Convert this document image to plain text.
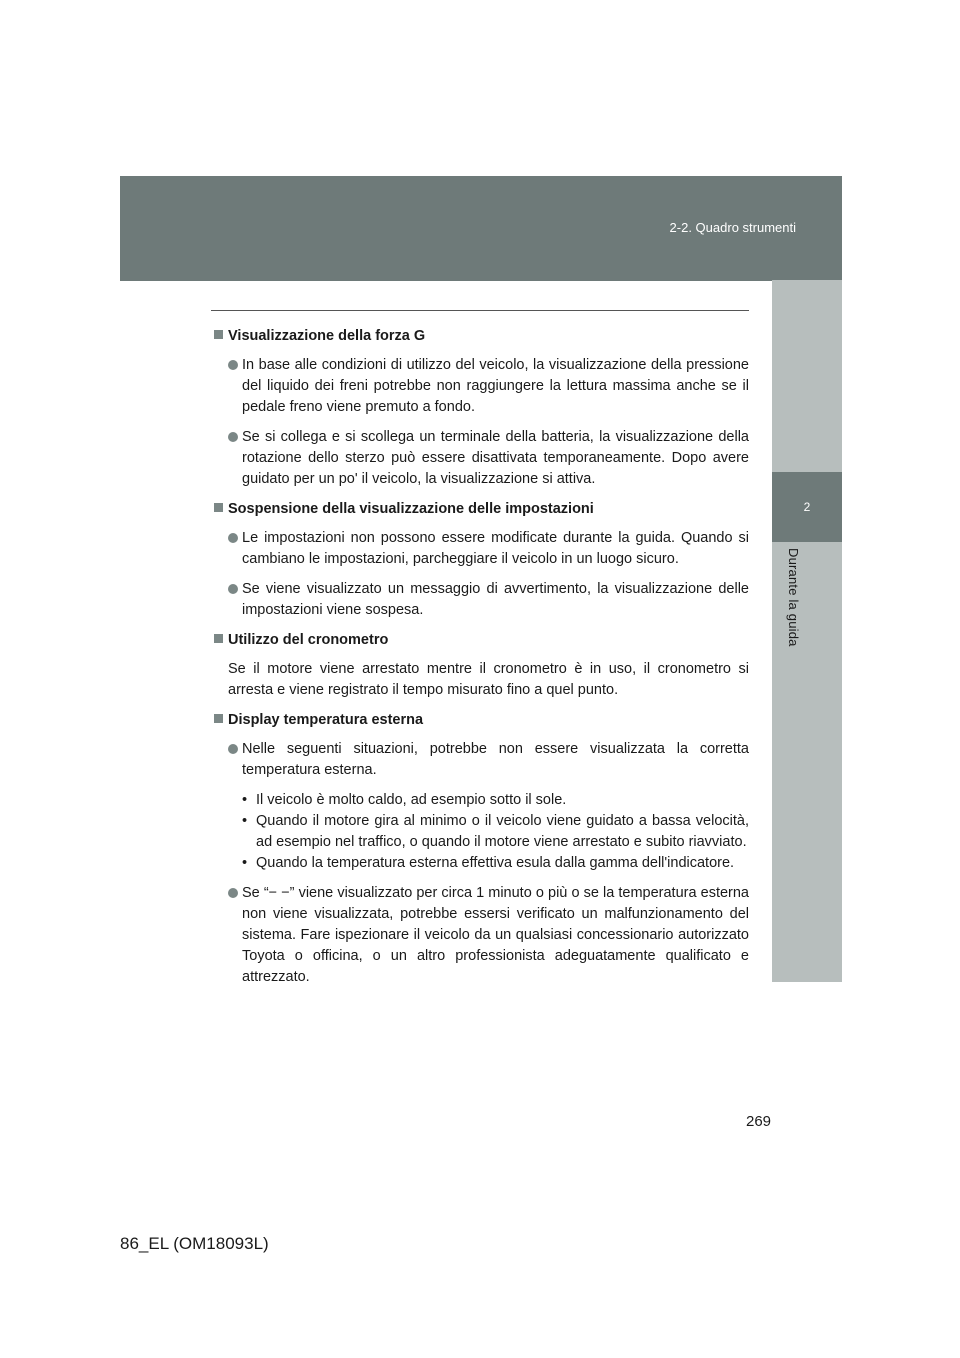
2-2. Quadro strumenti
2
Durante la guida
Visualizzazione della forza G
In base alle condizioni di utilizzo del veicolo, la visualizzazione della pressione del liquido dei freni potrebbe non raggiungere la lettura massima anche se il pedale freno viene premuto a fondo.
Se si collega e si scollega un terminale della batteria, la visualizzazione della rotazione dello sterzo può essere disattivata temporaneamente. Dopo avere guidato per un po' il veicolo, la visualizzazione si attiva.
Sospensione della visualizzazione delle impostazioni
Le impostazioni non possono essere modificate durante la guida. Quando si cambiano le impostazioni, parcheggiare il veicolo in un luogo sicuro.
Se viene visualizzato un messaggio di avvertimento, la visualizzazione delle impostazioni viene sospesa.
Utilizzo del cronometro
Se il motore viene arrestato mentre il cronometro è in uso, il cronometro si arresta e viene registrato il tempo misurato fino a quel punto.
Display temperatura esterna
Nelle seguenti situazioni, potrebbe non essere visualizzata la corretta temperatura esterna.
• Il veicolo è molto caldo, ad esempio sotto il sole.
• Quando il motore gira al minimo o il veicolo viene guidato a bassa velocità, ad esempio nel traffico, o quando il motore viene arrestato e subito riavviato.
• Quando la temperatura esterna effettiva esula dalla gamma dell'indicatore.
Se “− −” viene visualizzato per circa 1 minuto o più o se la temperatura esterna non viene visualizzata, potrebbe essersi verificato un malfunzionamento del sistema. Fare ispezionare il veicolo da un qualsiasi concessionario autorizzato Toyota o officina, o un altro professionista adeguatamente qualificato e attrezzato.
269
86_EL (OM18093L)
